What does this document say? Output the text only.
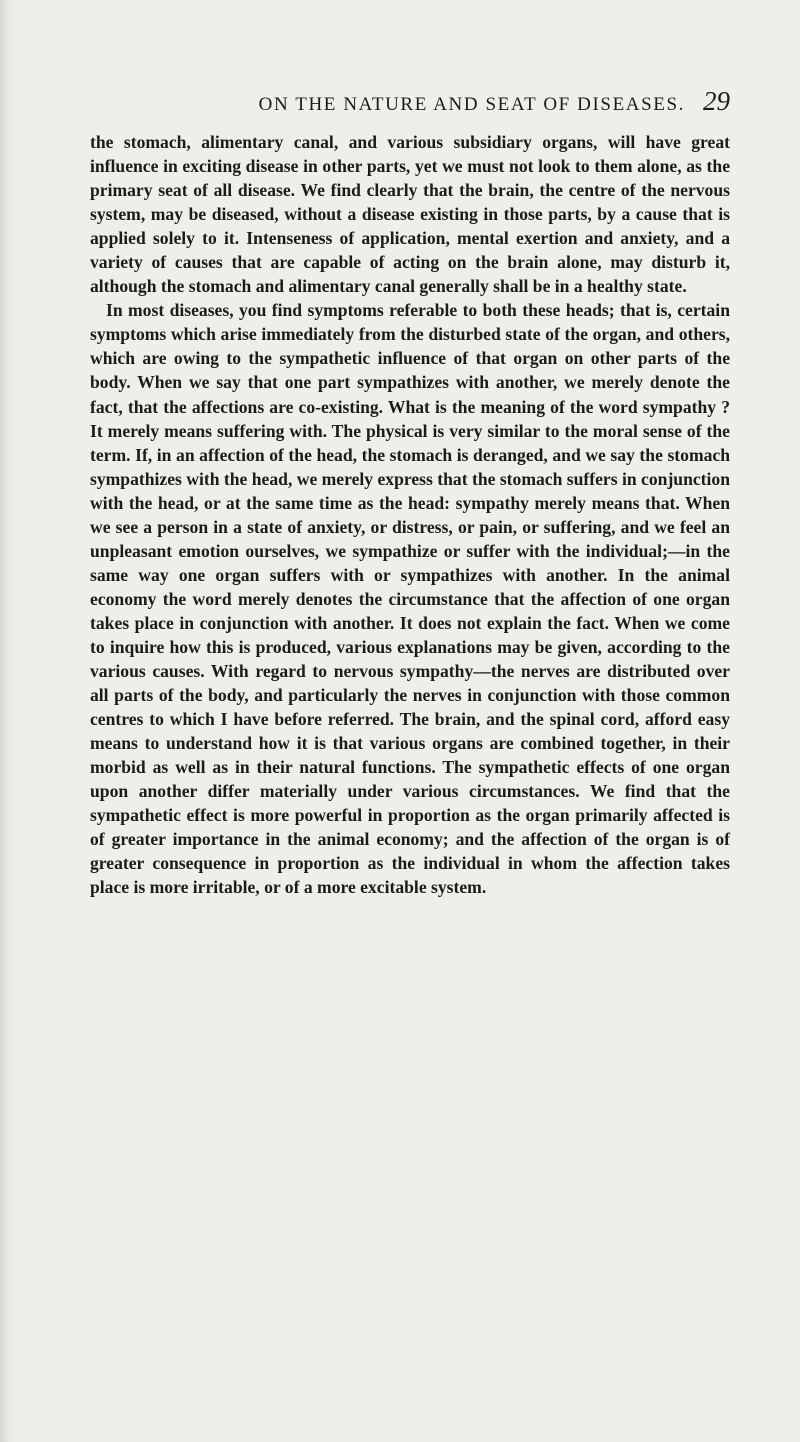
ON THE NATURE AND SEAT OF DISEASES. 29

the stomach, alimentary canal, and various subsidiary organs, will have great influence in exciting disease in other parts, yet we must not look to them alone, as the primary seat of all disease. We find clearly that the brain, the centre of the nervous system, may be diseased, without a disease existing in those parts, by a cause that is applied solely to it. Intenseness of application, mental exertion and anxiety, and a variety of causes that are capable of acting on the brain alone, may disturb it, although the stomach and alimentary canal generally shall be in a healthy state.

In most diseases, you find symptoms referable to both these heads; that is, certain symptoms which arise immediately from the disturbed state of the organ, and others, which are owing to the sympathetic influence of that organ on other parts of the body. When we say that one part sympathizes with another, we merely denote the fact, that the affections are co-existing. What is the meaning of the word sympathy ? It merely means suffering with. The physical is very similar to the moral sense of the term. If, in an affection of the head, the stomach is deranged, and we say the stomach sympathizes with the head, we merely express that the stomach suffers in conjunction with the head, or at the same time as the head: sympathy merely means that. When we see a person in a state of anxiety, or distress, or pain, or suffering, and we feel an unpleasant emotion ourselves, we sympathize or suffer with the individual;—in the same way one organ suffers with or sympathizes with another. In the animal economy the word merely denotes the circumstance that the affection of one organ takes place in conjunction with another. It does not explain the fact. When we come to inquire how this is produced, various explanations may be given, according to the various causes. With regard to nervous sympathy—the nerves are distributed over all parts of the body, and particularly the nerves in conjunction with those common centres to which I have before referred. The brain, and the spinal cord, afford easy means to understand how it is that various organs are combined together, in their morbid as well as in their natural functions. The sympathetic effects of one organ upon another differ materially under various circumstances. We find that the sympathetic effect is more powerful in proportion as the organ primarily affected is of greater importance in the animal economy; and the affection of the organ is of greater consequence in proportion as the individual in whom the affection takes place is more irritable, or of a more excitable system.
